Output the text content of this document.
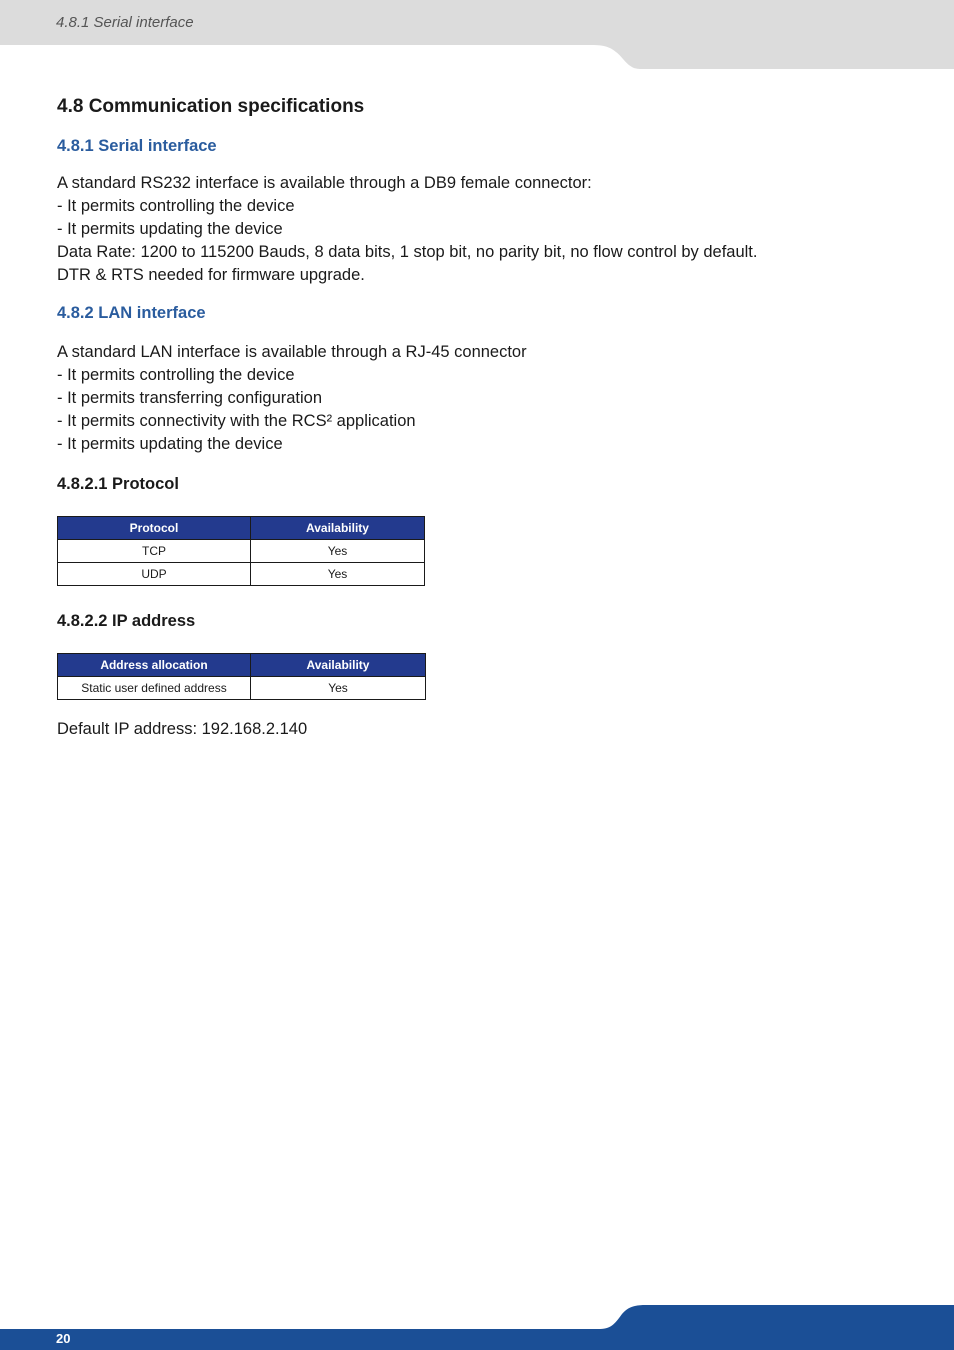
4.8.1 Serial interface
20
4.8 Communication specifications
4.8.1 Serial interface
A standard RS232 interface is available through a DB9 female connector:
- It permits controlling the device
- It permits updating the device
Data Rate: 1200 to 115200 Bauds, 8 data bits, 1 stop bit, no parity bit, no flow control by default.
DTR & RTS needed for firmware upgrade.
4.8.2 LAN interface
A standard LAN interface is available through a RJ-45 connector
- It permits controlling the device
- It permits transferring configuration
- It permits connectivity with the RCS² application
- It permits updating the device
4.8.2.1 Protocol
Protocol	Availability
TCP	Yes
UDP	Yes
4.8.2.2 IP address
Address allocation	Availability
Static user defined address	Yes
Default IP address: 192.168.2.140
